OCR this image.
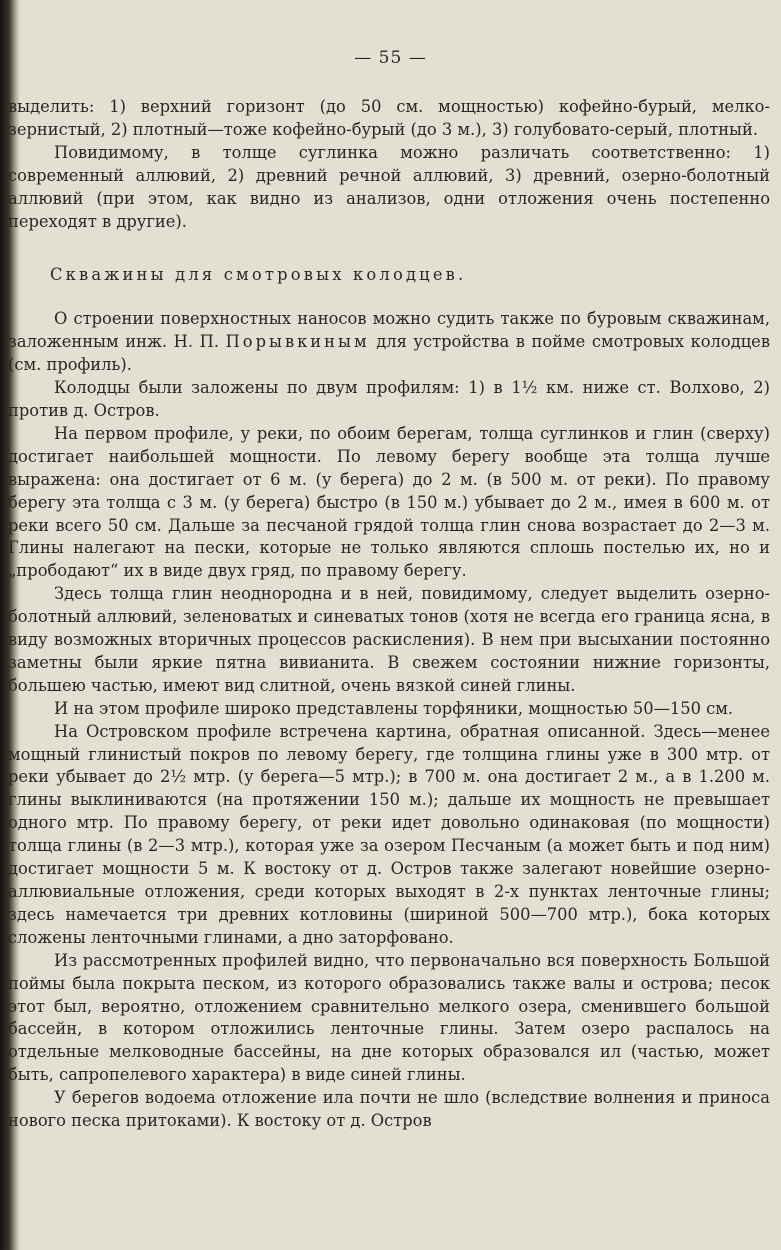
— 55 —

выделить: 1) верхний горизонт (до 50 см. мощностью) кофейно-бурый, мелко-зернистый, 2) плотный—тоже кофейно-бурый (до 3 м.), 3) голубовато-серый, плотный.

Повидимому, в толще суглинка можно различать соответственно: 1) современный аллювий, 2) древний речной аллювий, 3) древний, озерно-болотный аллювий (при этом, как видно из анализов, одни отложения очень постепенно переходят в другие).

Скважины для смотровых колодцев.

О строении поверхностных наносов можно судить также по буровым скважинам, заложенным инж. Н. П. Порывкиным для устройства в пойме смотровых колодцев (см. профиль).

Колодцы были заложены по двум профилям: 1) в 1½ км. ниже ст. Волхово, 2) против д. Остров.

На первом профиле, у реки, по обоим берегам, толща суглинков и глин (сверху) достигает наибольшей мощности. По левому берегу вообще эта толща лучше выражена: она достигает от 6 м. (у берега) до 2 м. (в 500 м. от реки). По правому берегу эта толща с 3 м. (у берега) быстро (в 150 м.) убывает до 2 м., имея в 600 м. от реки всего 50 см. Дальше за песчаной грядой толща глин снова возрастает до 2—3 м. Глины налегают на пески, которые не только являются сплошь постелью их, но и „прободают“ их в виде двух гряд, по правому берегу.

Здесь толща глин неоднородна и в ней, повидимому, следует выделить озерно-болотный аллювий, зеленоватых и синеватых тонов (хотя не всегда его граница ясна, в виду возможных вторичных процессов раскисления). В нем при высыхании постоянно заметны были яркие пятна вивианита. В свежем состоянии нижние горизонты, большею частью, имеют вид слитной, очень вязкой синей глины.

И на этом профиле широко представлены торфяники, мощностью 50—150 см.

На Островском профиле встречена картина, обратная описанной. Здесь—менее мощный глинистый покров по левому берегу, где толщина глины уже в 300 мтр. от реки убывает до 2½ мтр. (у берега—5 мтр.); в 700 м. она достигает 2 м., а в 1.200 м. глины выклиниваются (на протяжении 150 м.); дальше их мощность не превышает одного мтр. По правому берегу, от реки идет довольно одинаковая (по мощности) толща глины (в 2—3 мтр.), которая уже за озером Песчаным (а может быть и под ним) достигает мощности 5 м. К востоку от д. Остров также залегают новейшие озерно-аллювиальные отложения, среди которых выходят в 2-х пунктах ленточные глины; здесь намечается три древних котловины (шириной 500—700 мтр.), бока которых сложены ленточными глинами, а дно заторфовано.

Из рассмотренных профилей видно, что первоначально вся поверхность Большой поймы была покрыта песком, из которого образовались также валы и острова; песок этот был, вероятно, отложением сравнительно мелкого озера, сменившего большой бассейн, в котором отложились ленточные глины. Затем озеро распалось на отдельные мелководные бассейны, на дне которых образовался ил (частью, может быть, сапропелевого характера) в виде синей глины.

У берегов водоема отложение ила почти не шло (вследствие волнения и приноса нового песка притоками). К востоку от д. Остров
